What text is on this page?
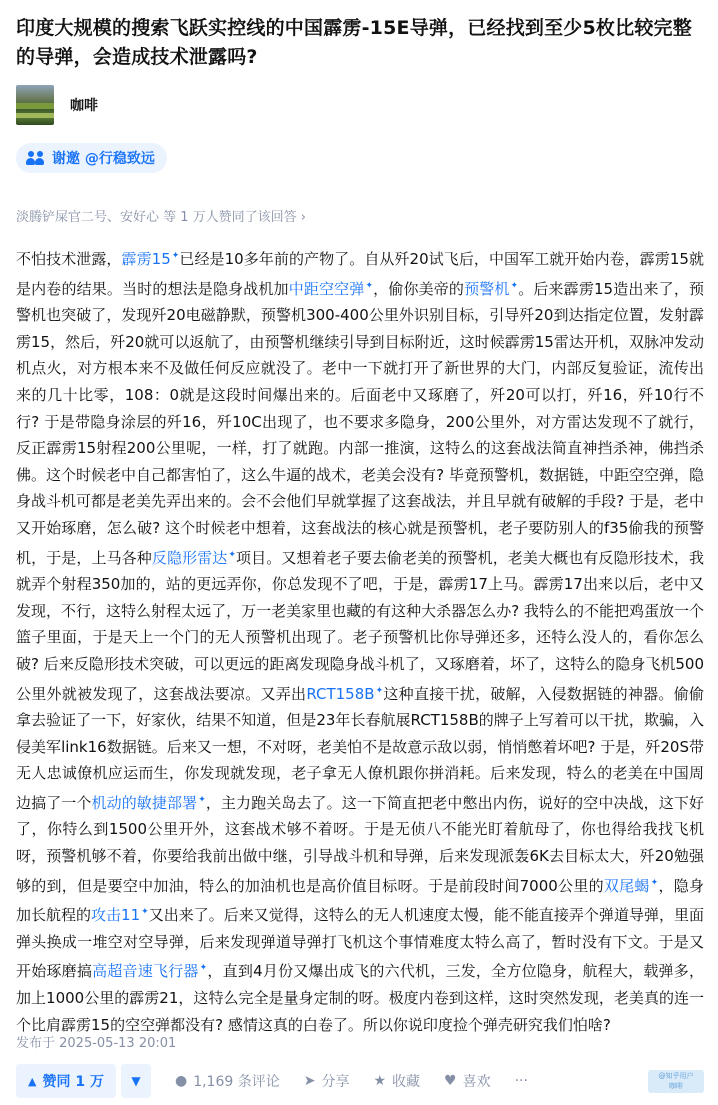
印度大规模的搜索飞跃实控线的中国霹雳-15E导弹，已经找到至少5枚比较完整的导弹，会造成技术泄露吗?
咖啡
谢邀 @行稳致远
淡腾铲屎官二号、安好心 等 1 万人赞同了该回答 ›
不怕技术泄露，霹雳15✦已经是10多年前的产物了。自从歼20试飞后，中国军工就开始内卷，霹雳15就是内卷的结果。当时的想法是隐身战机加中距空空弹✦，偷你美帝的预警机✦。后来霹雳15造出来了，预警机也突破了，发现歼20电磁静默，预警机300-400公里外识别目标，引导歼20到达指定位置，发射霹雳15，然后，歼20就可以返航了，由预警机继续引导到目标附近，这时候霹雳15雷达开机，双脉冲发动机点火，对方根本来不及做任何反应就没了。老中一下就打开了新世界的大门，内部反复验证，流传出来的几十比零，108：0就是这段时间爆出来的。后面老中又琢磨了，歼20可以打，歼16，歼10行不行? 于是带隐身涂层的歼16，歼10C出现了，也不要求多隐身，200公里外，对方雷达发现不了就行，反正霹雳15射程200公里呢，一样，打了就跑。内部一推演，这特么的这套战法简直神挡杀神，佛挡杀佛。这个时候老中自己都害怕了，这么牛逼的战术，老美会没有? 毕竟预警机，数据链，中距空空弹，隐身战斗机可都是老美先弄出来的。会不会他们早就掌握了这套战法，并且早就有破解的手段? 于是，老中又开始琢磨，怎么破? 这个时候老中想着，这套战法的核心就是预警机，老子要防别人的f35偷我的预警机，于是，上马各种反隐形雷达✦项目。又想着老子要去偷老美的预警机，老美大概也有反隐形技术，我就弄个射程350加的，站的更远弄你，你总发现不了吧，于是，霹雳17上马。霹雳17出来以后，老中又发现，不行，这特么射程太远了，万一老美家里也藏的有这种大杀器怎么办? 我特么的不能把鸡蛋放一个篮子里面，于是天上一个门的无人预警机出现了。老子预警机比你导弹还多，还特么没人的，看你怎么破? 后来反隐形技术突破，可以更远的距离发现隐身战斗机了，又琢磨着，坏了，这特么的隐身飞机500公里外就被发现了，这套战法要凉。又弄出RCT158B✦这种直接干扰，破解，入侵数据链的神器。偷偷拿去验证了一下，好家伙，结果不知道，但是23年长春航展RCT158B的牌子上写着可以干扰，欺骗，入侵美军link16数据链。后来又一想，不对呀，老美怕不是故意示敌以弱，悄悄憋着坏吧? 于是，歼20S带无人忠诚僚机应运而生，你发现就发现，老子拿无人僚机跟你拼消耗。后来发现，特么的老美在中国周边搞了一个机动的敏捷部署✦，主力跑关岛去了。这一下简直把老中憋出内伤，说好的空中决战，这下好了，你特么到1500公里开外，这套战术够不着呀。于是无侦八不能光盯着航母了，你也得给我找飞机呀，预警机够不着，你要给我前出做中继，引导战斗机和导弹，后来发现派轰6K去目标太大，歼20勉强够的到，但是要空中加油，特么的加油机也是高价值目标呀。于是前段时间7000公里的双尾蝎✦，隐身加长航程的攻击11✦又出来了。后来又觉得，这特么的无人机速度太慢，能不能直接弄个弹道导弹，里面弹头换成一堆空对空导弹，后来发现弹道导弹打飞机这个事情难度太特么高了，暂时没有下文。于是又开始琢磨搞高超音速飞行器✦，直到4月份又爆出成飞的六代机，三发，全方位隐身，航程大，载弹多，加上1000公里的霹雳21，这特么完全是量身定制的呀。极度内卷到这样，这时突然发现，老美真的连一个比肩霹雳15的空空弹都没有? 感情这真的白卷了。所以你说印度捡个弹壳研究我们怕啥?
发布于 2025-05-13 20:01
▲ 赞同 1 万 ▼ ● 1,169 条评论 ➤ 分享 ★ 收藏 ♥ 喜欢 ···	@知乎用户
咖啡
